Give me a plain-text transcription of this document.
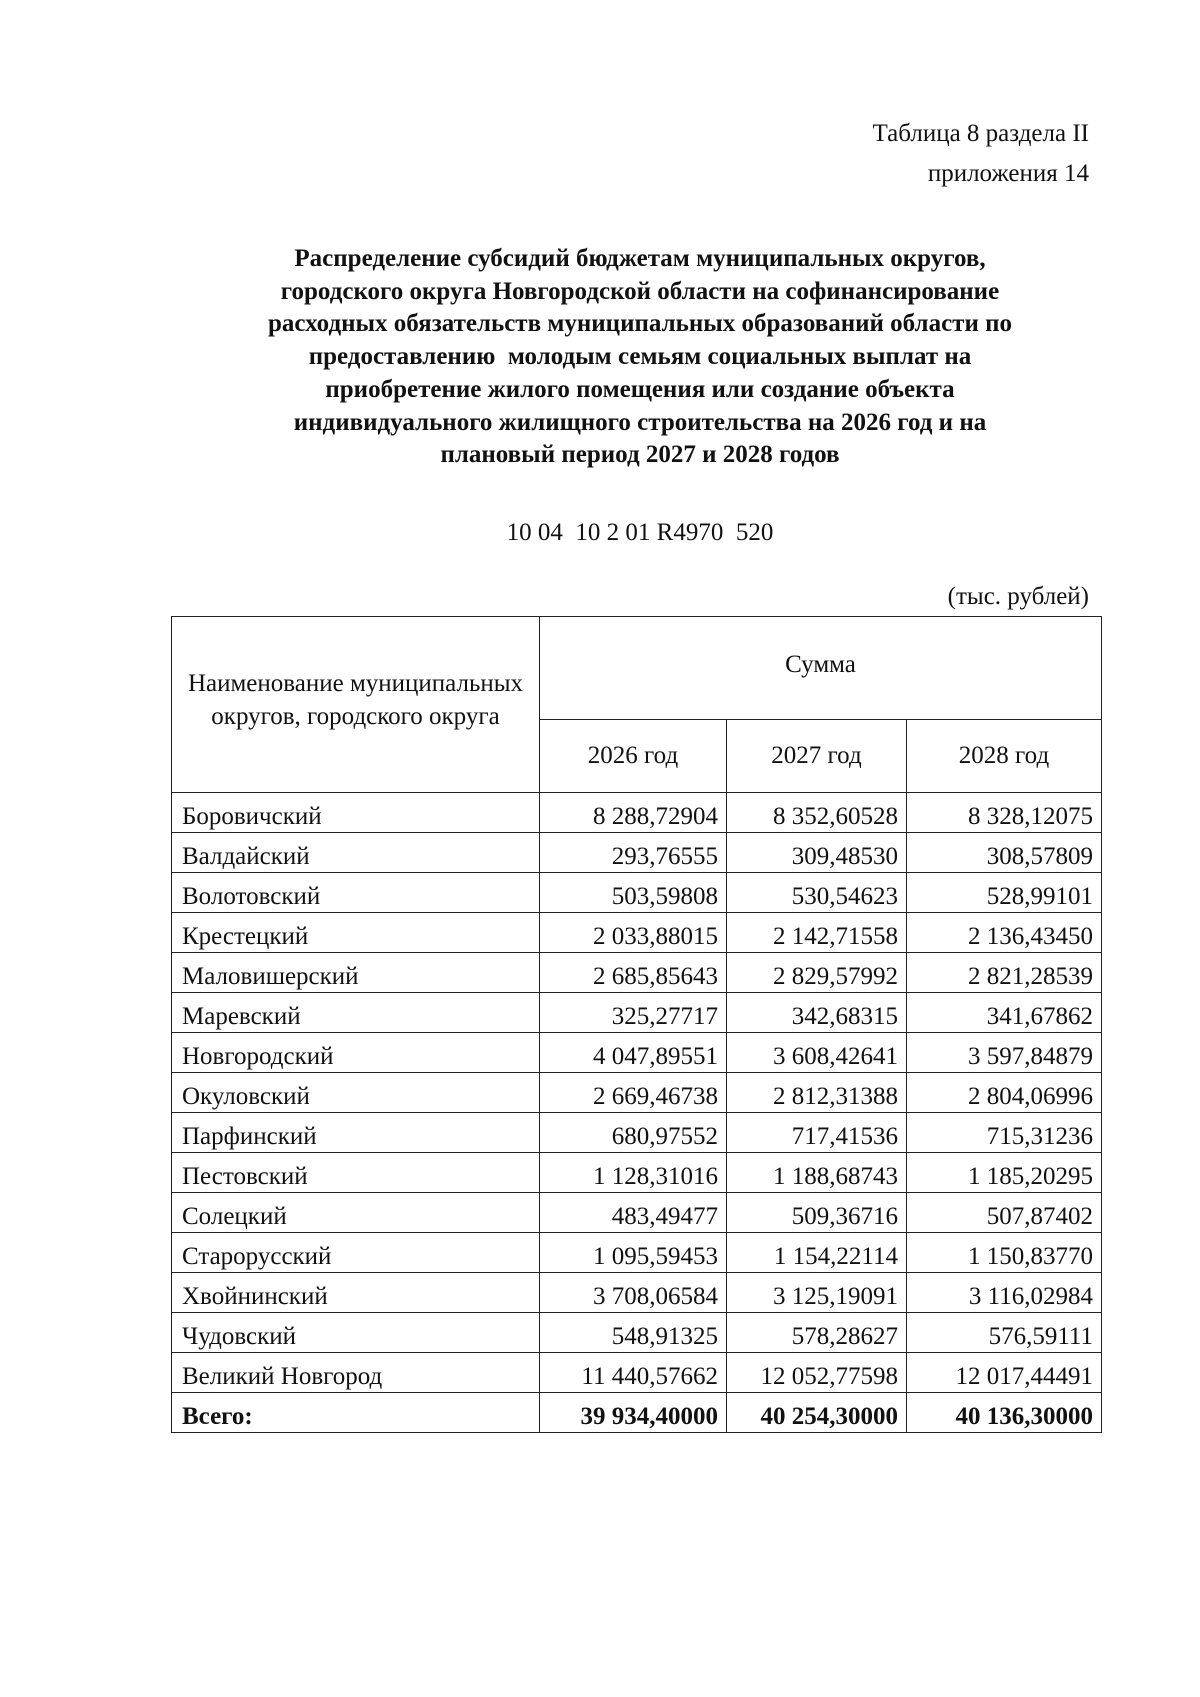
Таблица 8 раздела II
приложения 14
Распределение субсидий бюджетам муниципальных округов,
городского округа Новгородской области на софинансирование
расходных обязательств муниципальных образований области по
предоставлению  молодым семьям социальных выплат на
приобретение жилого помещения или создание объекта
индивидуального жилищного строительства на 2026 год и на
плановый период 2027 и 2028 годов
10 04  10 2 01 R4970  520
(тыс. рублей)
Наименование муниципальных округов, городского округа	Сумма		
	2026 год	2027 год	2028 год
Боровичский	8 288,72904	8 352,60528	8 328,12075
Валдайский	293,76555	309,48530	308,57809
Волотовский	503,59808	530,54623	528,99101
Крестецкий	2 033,88015	2 142,71558	2 136,43450
Маловишерский	2 685,85643	2 829,57992	2 821,28539
Маревский	325,27717	342,68315	341,67862
Новгородский	4 047,89551	3 608,42641	3 597,84879
Окуловский	2 669,46738	2 812,31388	2 804,06996
Парфинский	680,97552	717,41536	715,31236
Пестовский	1 128,31016	1 188,68743	1 185,20295
Солецкий	483,49477	509,36716	507,87402
Старорусский	1 095,59453	1 154,22114	1 150,83770
Хвойнинский	3 708,06584	3 125,19091	3 116,02984
Чудовский	548,91325	578,28627	576,59111
Великий Новгород	11 440,57662	12 052,77598	12 017,44491
Всего:	39 934,40000	40 254,30000	40 136,30000
